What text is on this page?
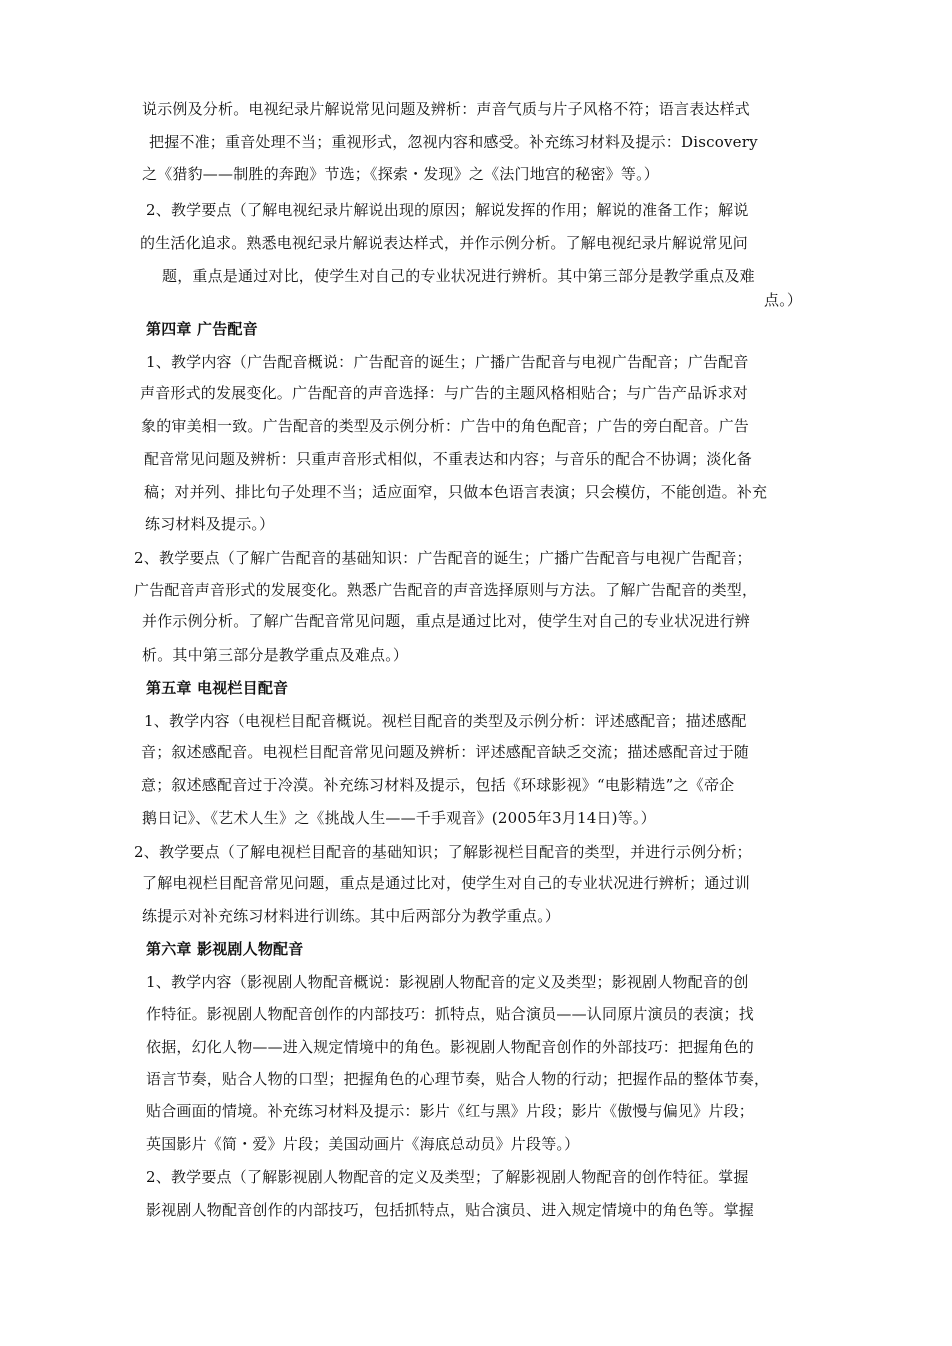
说示例及分析。电视纪录片解说常见问题及辨析：声音气质与片子风格不符；语言表达样式
把握不准；重音处理不当；重视形式，忽视内容和感受。补充练习材料及提示：Discovery
之《猎豹——制胜的奔跑》节选；《探索・发现》之《法门地宫的秘密》等。）
2、教学要点（了解电视纪录片解说出现的原因；解说发挥的作用；解说的准备工作；解说
的生活化追求。熟悉电视纪录片解说表达样式，并作示例分析。了解电视纪录片解说常见问
题，重点是通过对比，使学生对自己的专业状况进行辨析。其中第三部分是教学重点及难
点。）
第四章 广告配音
1、教学内容（广告配音概说：广告配音的诞生；广播广告配音与电视广告配音；广告配音
声音形式的发展变化。广告配音的声音选择：与广告的主题风格相贴合；与广告产品诉求对
象的审美相一致。广告配音的类型及示例分析：广告中的角色配音；广告的旁白配音。广告
配音常见问题及辨析：只重声音形式相似，不重表达和内容；与音乐的配合不协调；淡化备
稿；对并列、排比句子处理不当；适应面窄，只做本色语言表演；只会模仿，不能创造。补充
练习材料及提示。）
2、教学要点（了解广告配音的基础知识：广告配音的诞生；广播广告配音与电视广告配音；
广告配音声音形式的发展变化。熟悉广告配音的声音选择原则与方法。了解广告配音的类型，
并作示例分析。了解广告配音常见问题，重点是通过比对，使学生对自己的专业状况进行辨
析。其中第三部分是教学重点及难点。）
第五章 电视栏目配音
1、教学内容（电视栏目配音概说。视栏目配音的类型及示例分析：评述感配音；描述感配
音；叙述感配音。电视栏目配音常见问题及辨析：评述感配音缺乏交流；描述感配音过于随
意；叙述感配音过于冷漠。补充练习材料及提示，包括《环球影视》“电影精选”之《帝企
鹅日记》、《艺术人生》之《挑战人生——千手观音》(2005年3月14日)等。）
2、教学要点（了解电视栏目配音的基础知识；了解影视栏目配音的类型，并进行示例分析；
了解电视栏目配音常见问题，重点是通过比对，使学生对自己的专业状况进行辨析；通过训
练提示对补充练习材料进行训练。其中后两部分为教学重点。）
第六章 影视剧人物配音
1、教学内容（影视剧人物配音概说：影视剧人物配音的定义及类型；影视剧人物配音的创
作特征。影视剧人物配音创作的内部技巧：抓特点，贴合演员——认同原片演员的表演；找
依据，幻化人物——进入规定情境中的角色。影视剧人物配音创作的外部技巧：把握角色的
语言节奏，贴合人物的口型；把握角色的心理节奏，贴合人物的行动；把握作品的整体节奏，
贴合画面的情境。补充练习材料及提示：影片《红与黑》片段；影片《傲慢与偏见》片段；
英国影片《简・爱》片段；美国动画片《海底总动员》片段等。）
2、教学要点（了解影视剧人物配音的定义及类型；了解影视剧人物配音的创作特征。掌握
影视剧人物配音创作的内部技巧，包括抓特点，贴合演员、进入规定情境中的角色等。掌握
